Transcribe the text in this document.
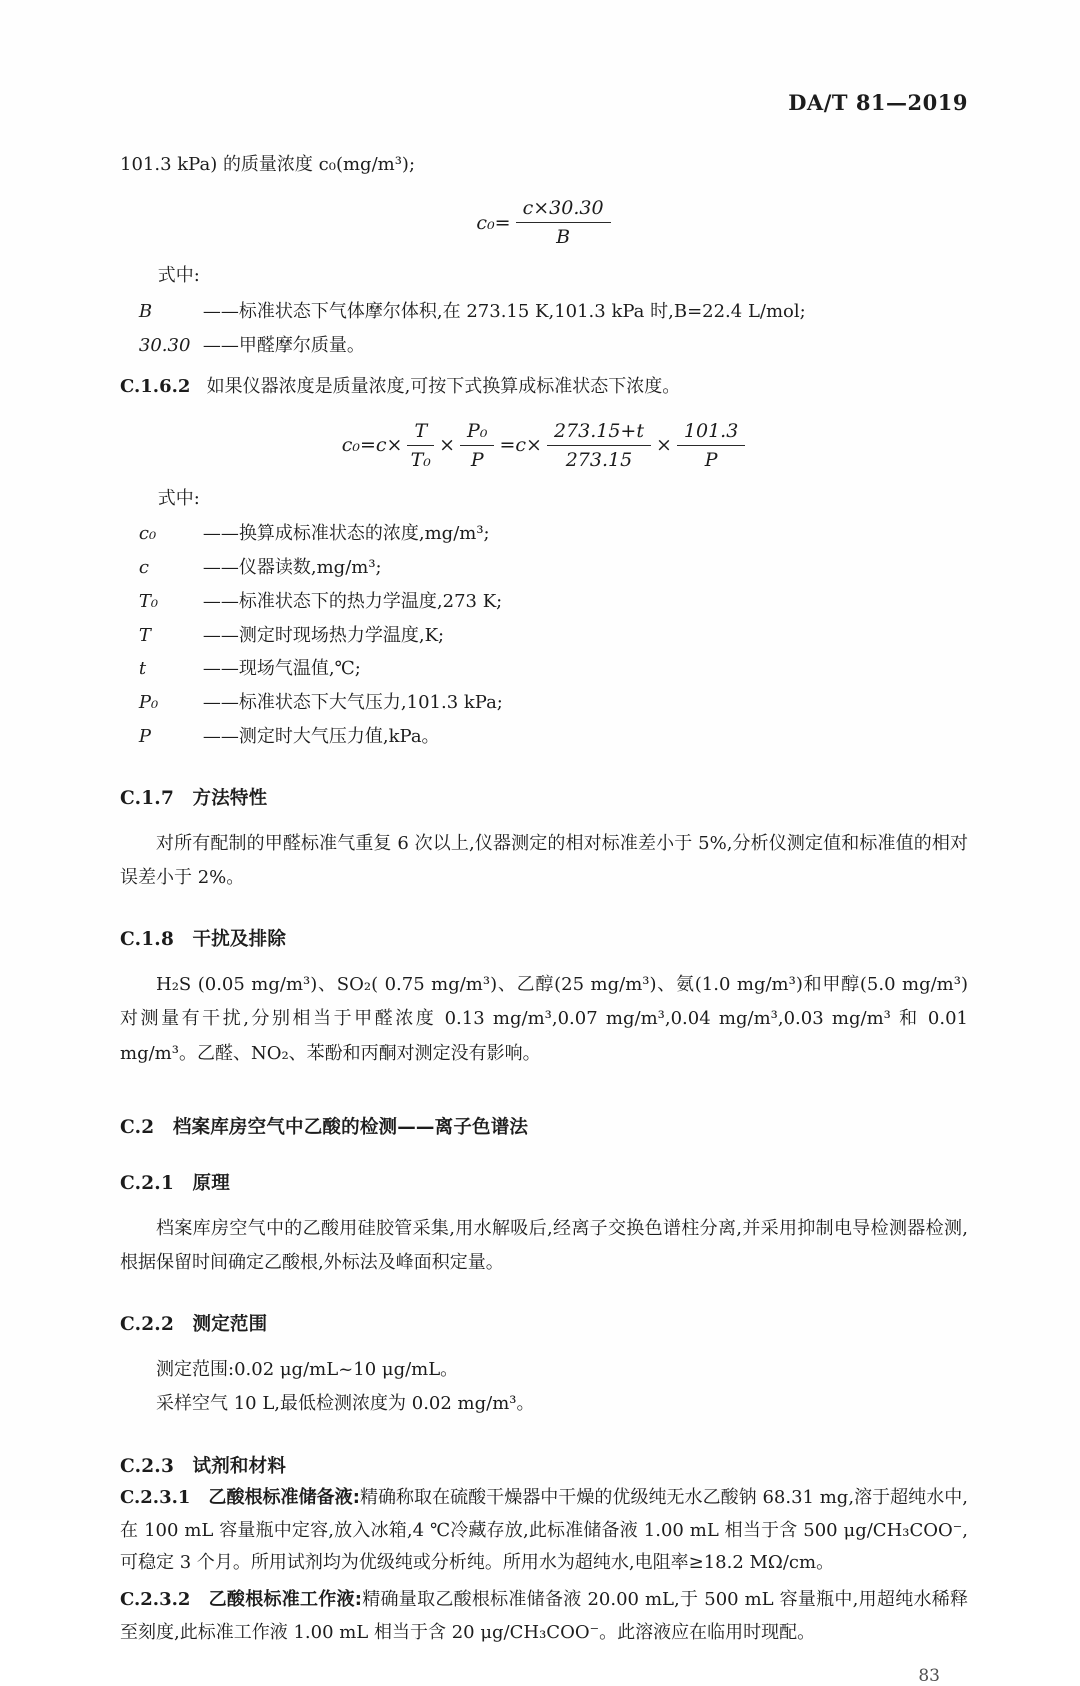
DA/T 81—2019
101.3 kPa) 的质量浓度 c₀(mg/m³);
$c_0= \frac{c\times 30.30}{B}$
式中:
B	——标准状态下气体摩尔体积,在 273.15 K,101.3 kPa 时,B=22.4 L/mol;
30.30 ——甲醛摩尔质量。

C.1.6.2 如果仪器浓度是质量浓度,可按下式换算成标准状态下浓度。

$c_0=c\times \frac{T}{\text{T₀}} \times \frac{\text{P₀}}{P} =c\times \frac{273.15+t}{273.15} \times \frac{101.3}{P}$
式中:
c₀	——换算成标准状态的浓度,mg/m³;
c	——仪器读数,mg/m³;
T₀	——标准状态下的热力学温度,273 K;
T	——测定时现场热力学温度,K;
t	——现场气温值,℃;
P₀	——标准状态下大气压力,101.3 kPa;
P	——测定时大气压力值,kPa。
C.1.7 方法特性

对所有配制的甲醛标准气重复 6 次以上,仪器测定的相对标准差小于 5%,分析仪测定值和标准值的相对误差小于 2%。

C.1.8 干扰及排除

H₂S (0.05 mg/m³)、SO₂( 0.75 mg/m³)、乙醇(25 mg/m³)、氨(1.0 mg/m³)和甲醇(5.0 mg/m³)对测量有干扰,分别相当于甲醛浓度 0.13 mg/m³,0.07 mg/m³,0.04 mg/m³,0.03 mg/m³ 和 0.01 mg/m³。乙醛、NO₂、苯酚和丙酮对测定没有影响。

C.2 档案库房空气中乙酸的检测——离子色谱法
C.2.1 原理

档案库房空气中的乙酸用硅胶管采集,用水解吸后,经离子交换色谱柱分离,并采用抑制电导检测器检测,根据保留时间确定乙酸根,外标法及峰面积定量。

C.2.2 测定范围
测定范围:0.02 μg/mL~10 μg/mL。
采样空气 10 L,最低检测浓度为 0.02 mg/m³。
C.2.3 试剂和材料

C.2.3.1 乙酸根标准储备液:精确称取在硫酸干燥器中干燥的优级纯无水乙酸钠 68.31 mg,溶于超纯水中,在 100 mL 容量瓶中定容,放入冰箱,4 ℃冷藏存放,此标准储备液 1.00 mL 相当于含 500 μg/CH₃COO⁻,可稳定 3 个月。所用试剂均为优级纯或分析纯。所用水为超纯水,电阻率≥18.2 MΩ/cm。

C.2.3.2 乙酸根标准工作液:精确量取乙酸根标准储备液 20.00 mL,于 500 mL 容量瓶中,用超纯水稀释至刻度,此标准工作液 1.00 mL 相当于含 20 μg/CH₃COO⁻。此溶液应在临用时现配。

83
